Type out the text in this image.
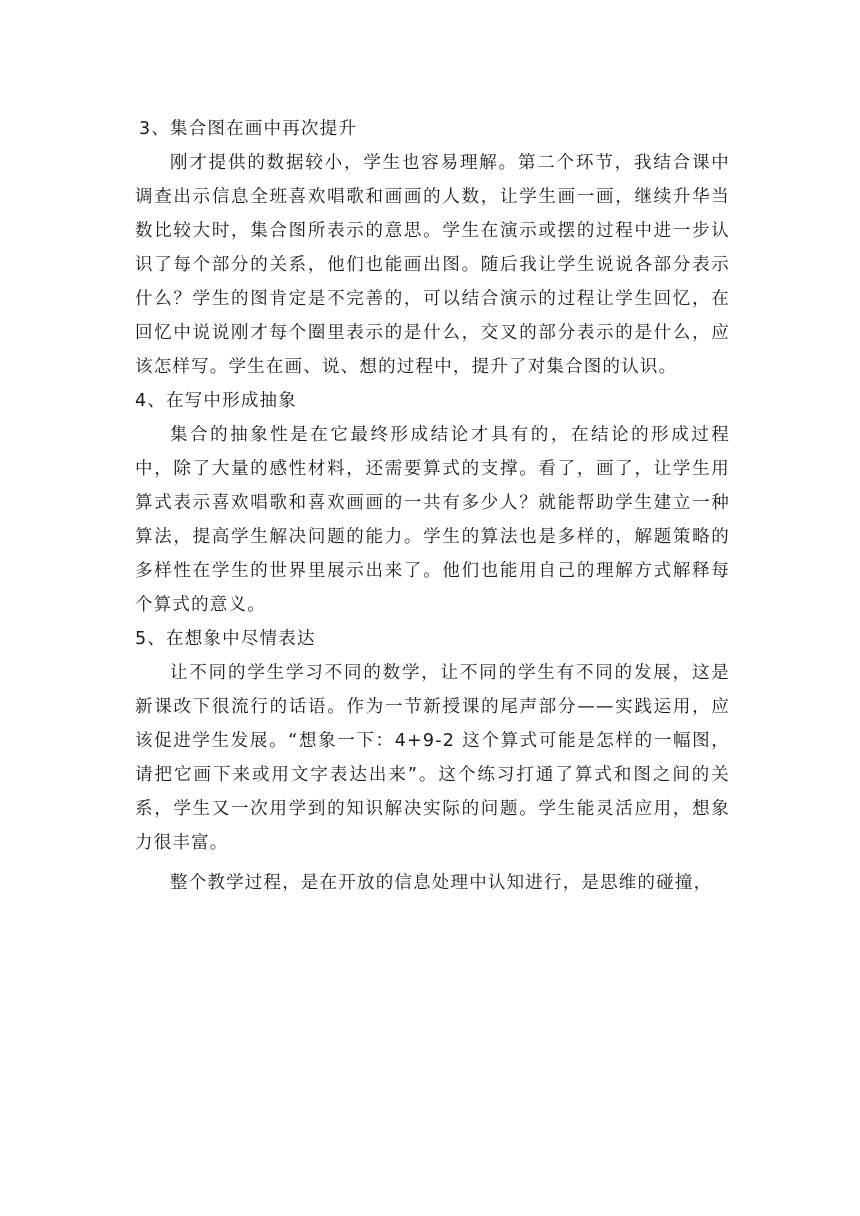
3、集合图在画中再次提升

刚才提供的数据较小，学生也容易理解。第二个环节，我结合课中调查出示信息全班喜欢唱歌和画画的人数，让学生画一画，继续升华当数比较大时，集合图所表示的意思。学生在演示或摆的过程中进一步认识了每个部分的关系，他们也能画出图。随后我让学生说说各部分表示什么？学生的图肯定是不完善的，可以结合演示的过程让学生回忆，在回忆中说说刚才每个圈里表示的是什么，交叉的部分表示的是什么，应该怎样写。学生在画、说、想的过程中，提升了对集合图的认识。

4、在写中形成抽象

集合的抽象性是在它最终形成结论才具有的，在结论的形成过程中，除了大量的感性材料，还需要算式的支撑。看了，画了，让学生用算式表示喜欢唱歌和喜欢画画的一共有多少人？就能帮助学生建立一种算法，提高学生解决问题的能力。学生的算法也是多样的，解题策略的多样性在学生的世界里展示出来了。他们也能用自己的理解方式解释每个算式的意义。

5、在想象中尽情表达

让不同的学生学习不同的数学，让不同的学生有不同的发展，这是新课改下很流行的话语。作为一节新授课的尾声部分——实践运用，应该促进学生发展。“想象一下：4+9-2 这个算式可能是怎样的一幅图，请把它画下来或用文字表达出来”。这个练习打通了算式和图之间的关系，学生又一次用学到的知识解决实际的问题。学生能灵活应用，想象力很丰富。

整个教学过程，是在开放的信息处理中认知进行，是思维的碰撞，
